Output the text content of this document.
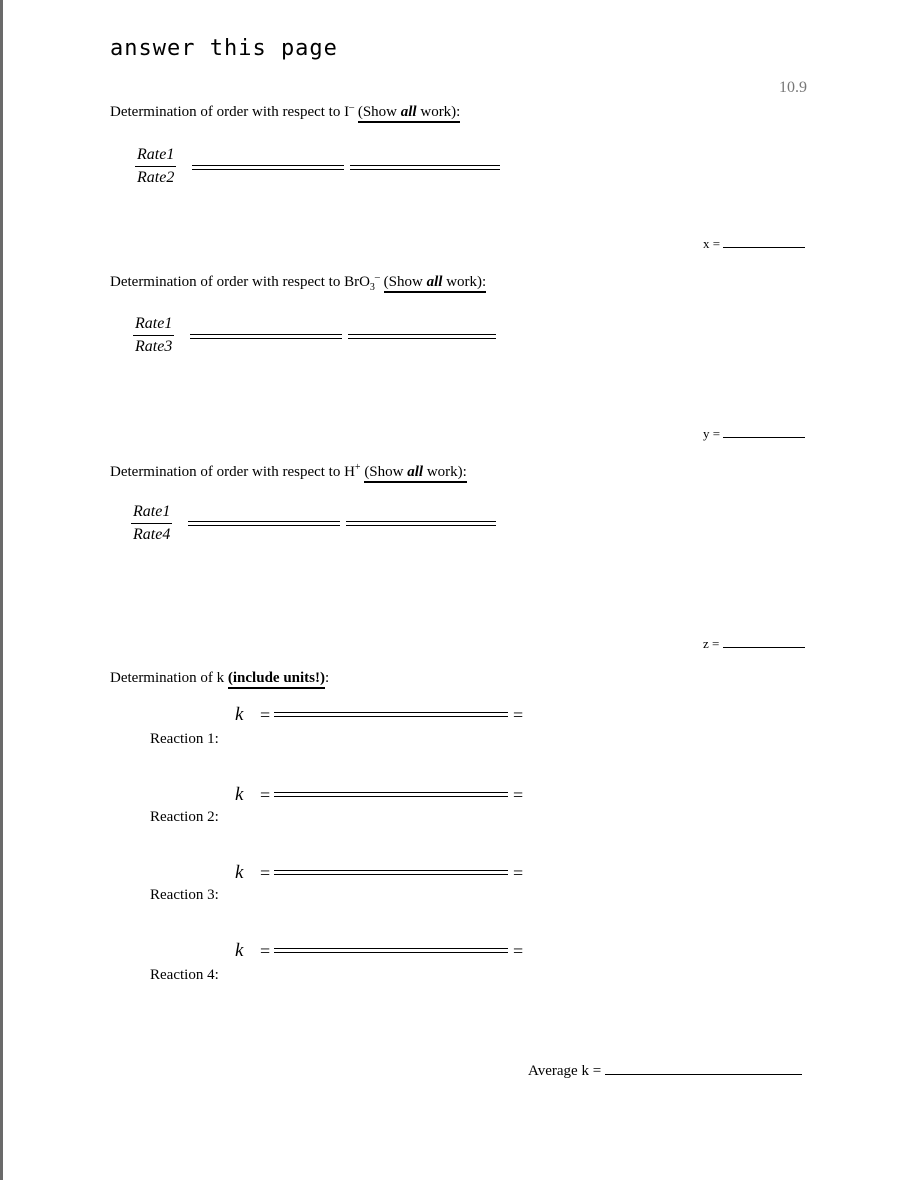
answer this page
10.9
Determination of order with respect to I– (Show all work):
Rate1
Rate2
x =
Determination of order with respect to BrO$_3$– (Show all work):
Rate1
Rate3
y =
Determination of order with respect to H+ (Show all work):
Rate1
Rate4
z =
Determination of k (include units!):
k =	=
Reaction 1:
k =	=
Reaction 2:
k =	=
Reaction 3:
k =	=
Reaction 4:
Average k =
